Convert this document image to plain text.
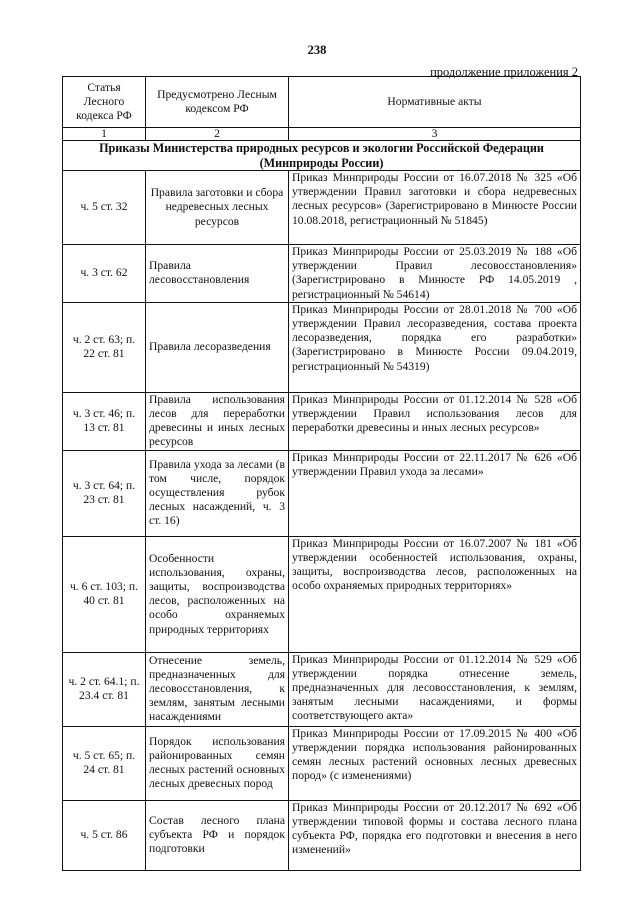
238
продолжение приложения 2
Статья Лесного кодекса РФ	Предусмотрено Лесным кодексом РФ	Нормативные акты
1	2	3
Приказы Министерства природных ресурсов и экологии Российской Федерации (Минприроды России)		
ч. 5 ст. 32	Правила заготовки и сбора недревесных лесных ресурсов	Приказ Минприроды России от 16.07.2018 № 325 «Об утверждении Правил заготовки и сбора недревесных лесных ресурсов» (Зарегистрировано в Минюсте России 10.08.2018, регистрационный № 51845)
ч. 3 ст. 62	Правила лесовосстановления	Приказ Минприроды России от 25.03.2019 № 188 «Об утверждении Правил лесовосстановления» (Зарегистрировано в Минюсте РФ 14.05.2019 , регистрационный № 54614)
ч. 2 ст. 63; п. 22 ст. 81	Правила лесоразведения	Приказ Минприроды России от 28.01.2018 № 700 «Об утверждении Правил лесоразведения, состава проекта лесоразведения, порядка его разработки» (Зарегистрировано в Минюсте России 09.04.2019, регистрационный № 54319)
ч. 3 ст. 46; п. 13 ст. 81	Правила использования лесов для переработки древесины и иных лесных ресурсов	Приказ Минприроды России от 01.12.2014 № 528 «Об утверждении Правил использования лесов для переработки древесины и иных лесных ресурсов»
ч. 3 ст. 64; п. 23 ст. 81	Правила ухода за лесами (в том числе, порядок осуществления рубок лесных насаждений, ч. 3 ст. 16)	Приказ Минприроды России от 22.11.2017 № 626 «Об утверждении Правил ухода за лесами»
ч. 6 ст. 103; п. 40 ст. 81	Особенности использования, охраны, защиты, воспроизводства лесов, расположенных на особо охраняемых природных территориях	Приказ Минприроды России от 16.07.2007 № 181 «Об утверждении особенностей использования, охраны, защиты, воспроизводства лесов, расположенных на особо охраняемых природных территориях»
ч. 2 ст. 64.1; п. 23.4 ст. 81	Отнесение земель, предназначенных для лесовосстановления, к землям, занятым лесными насаждениями	Приказ Минприроды России от 01.12.2014 № 529 «Об утверждении порядка отнесение земель, предназначенных для лесовосстановления, к землям, занятым лесными насаждениями, и формы соответствующего акта»
ч. 5 ст. 65; п. 24 ст. 81	Порядок использования районированных семян лесных растений основных лесных древесных пород	Приказ Минприроды России от 17.09.2015 № 400 «Об утверждении порядка использования районированных семян лесных растений основных лесных древесных пород» (с изменениями)
ч. 5 ст. 86	Состав лесного плана субъекта РФ и порядок подготовки	Приказ Минприроды России от 20.12.2017 № 692 «Об утверждении типовой формы и состава лесного плана субъекта РФ, порядка его подготовки и внесения в него изменений»
